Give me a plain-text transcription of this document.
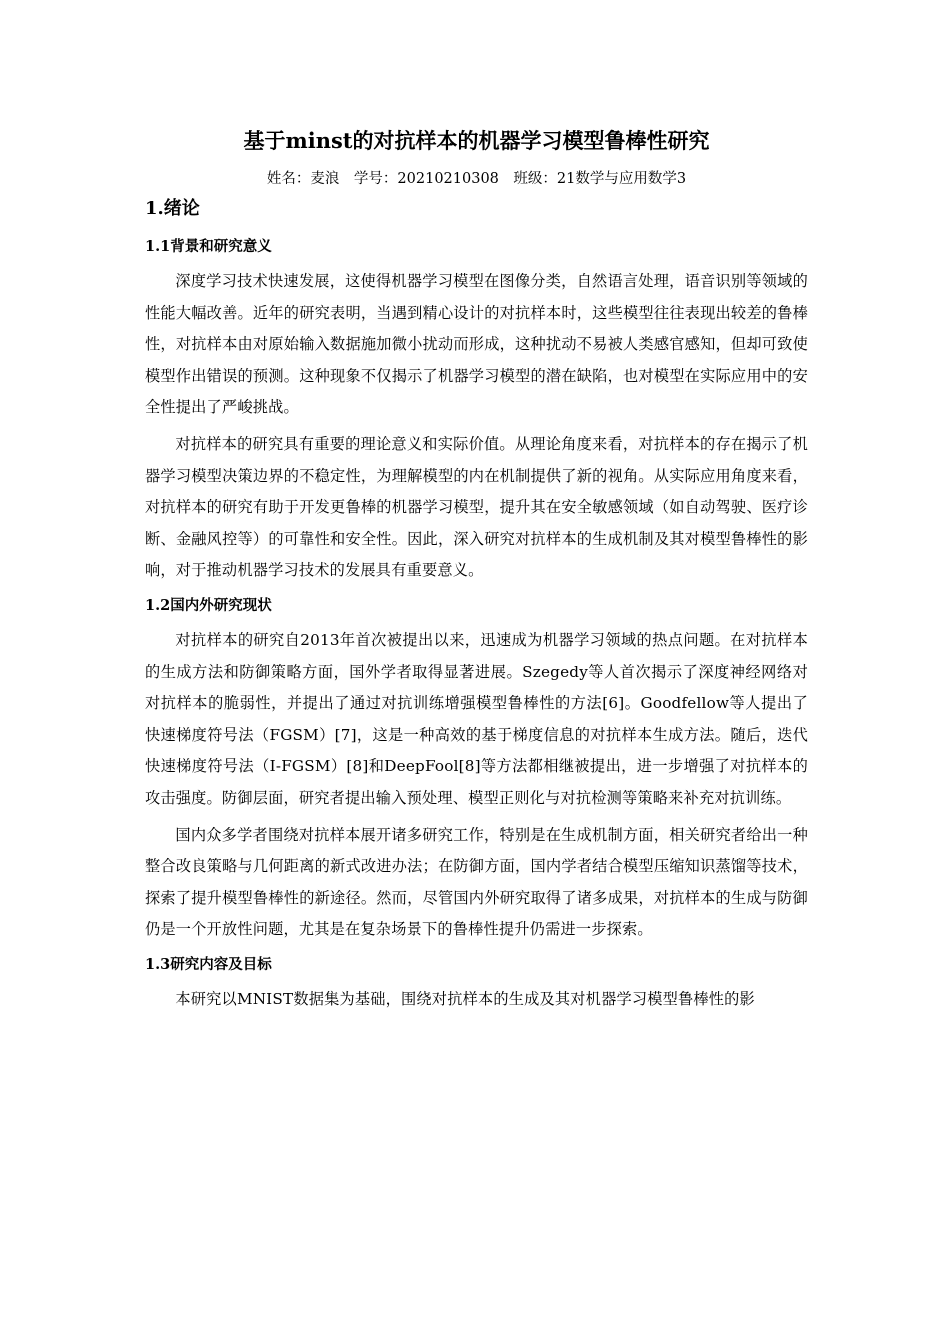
基于minst的对抗样本的机器学习模型鲁棒性研究

姓名：麦浪　学号：20210210308　班级：21数学与应用数学3

1.绪论
1.1背景和研究意义

深度学习技术快速发展，这使得机器学习模型在图像分类，自然语言处理，语音识别等领域的性能大幅改善。近年的研究表明，当遇到精心设计的对抗样本时，这些模型往往表现出较差的鲁棒性，对抗样本由对原始输入数据施加微小扰动而形成，这种扰动不易被人类感官感知，但却可致使模型作出错误的预测。这种现象不仅揭示了机器学习模型的潜在缺陷，也对模型在实际应用中的安全性提出了严峻挑战。

对抗样本的研究具有重要的理论意义和实际价值。从理论角度来看，对抗样本的存在揭示了机器学习模型决策边界的不稳定性，为理解模型的内在机制提供了新的视角。从实际应用角度来看，对抗样本的研究有助于开发更鲁棒的机器学习模型，提升其在安全敏感领域（如自动驾驶、医疗诊断、金融风控等）的可靠性和安全性。因此，深入研究对抗样本的生成机制及其对模型鲁棒性的影响，对于推动机器学习技术的发展具有重要意义。

1.2国内外研究现状

对抗样本的研究自2013年首次被提出以来，迅速成为机器学习领域的热点问题。在对抗样本的生成方法和防御策略方面，国外学者取得显著进展。Szegedy等人首次揭示了深度神经网络对对抗样本的脆弱性，并提出了通过对抗训练增强模型鲁棒性的方法[6]。Goodfellow等人提出了快速梯度符号法（FGSM）[7]，这是一种高效的基于梯度信息的对抗样本生成方法。随后，迭代快速梯度符号法（I-FGSM）[8]和DeepFool[8]等方法都相继被提出，进一步增强了对抗样本的攻击强度。防御层面，研究者提出输入预处理、模型正则化与对抗检测等策略来补充对抗训练。

国内众多学者围绕对抗样本展开诸多研究工作，特别是在生成机制方面，相关研究者给出一种整合改良策略与几何距离的新式改进办法；在防御方面，国内学者结合模型压缩知识蒸馏等技术，探索了提升模型鲁棒性的新途径。然而，尽管国内外研究取得了诸多成果，对抗样本的生成与防御仍是一个开放性问题，尤其是在复杂场景下的鲁棒性提升仍需进一步探索。

1.3研究内容及目标

本研究以MNIST数据集为基础，围绕对抗样本的生成及其对机器学习模型鲁棒性的影
